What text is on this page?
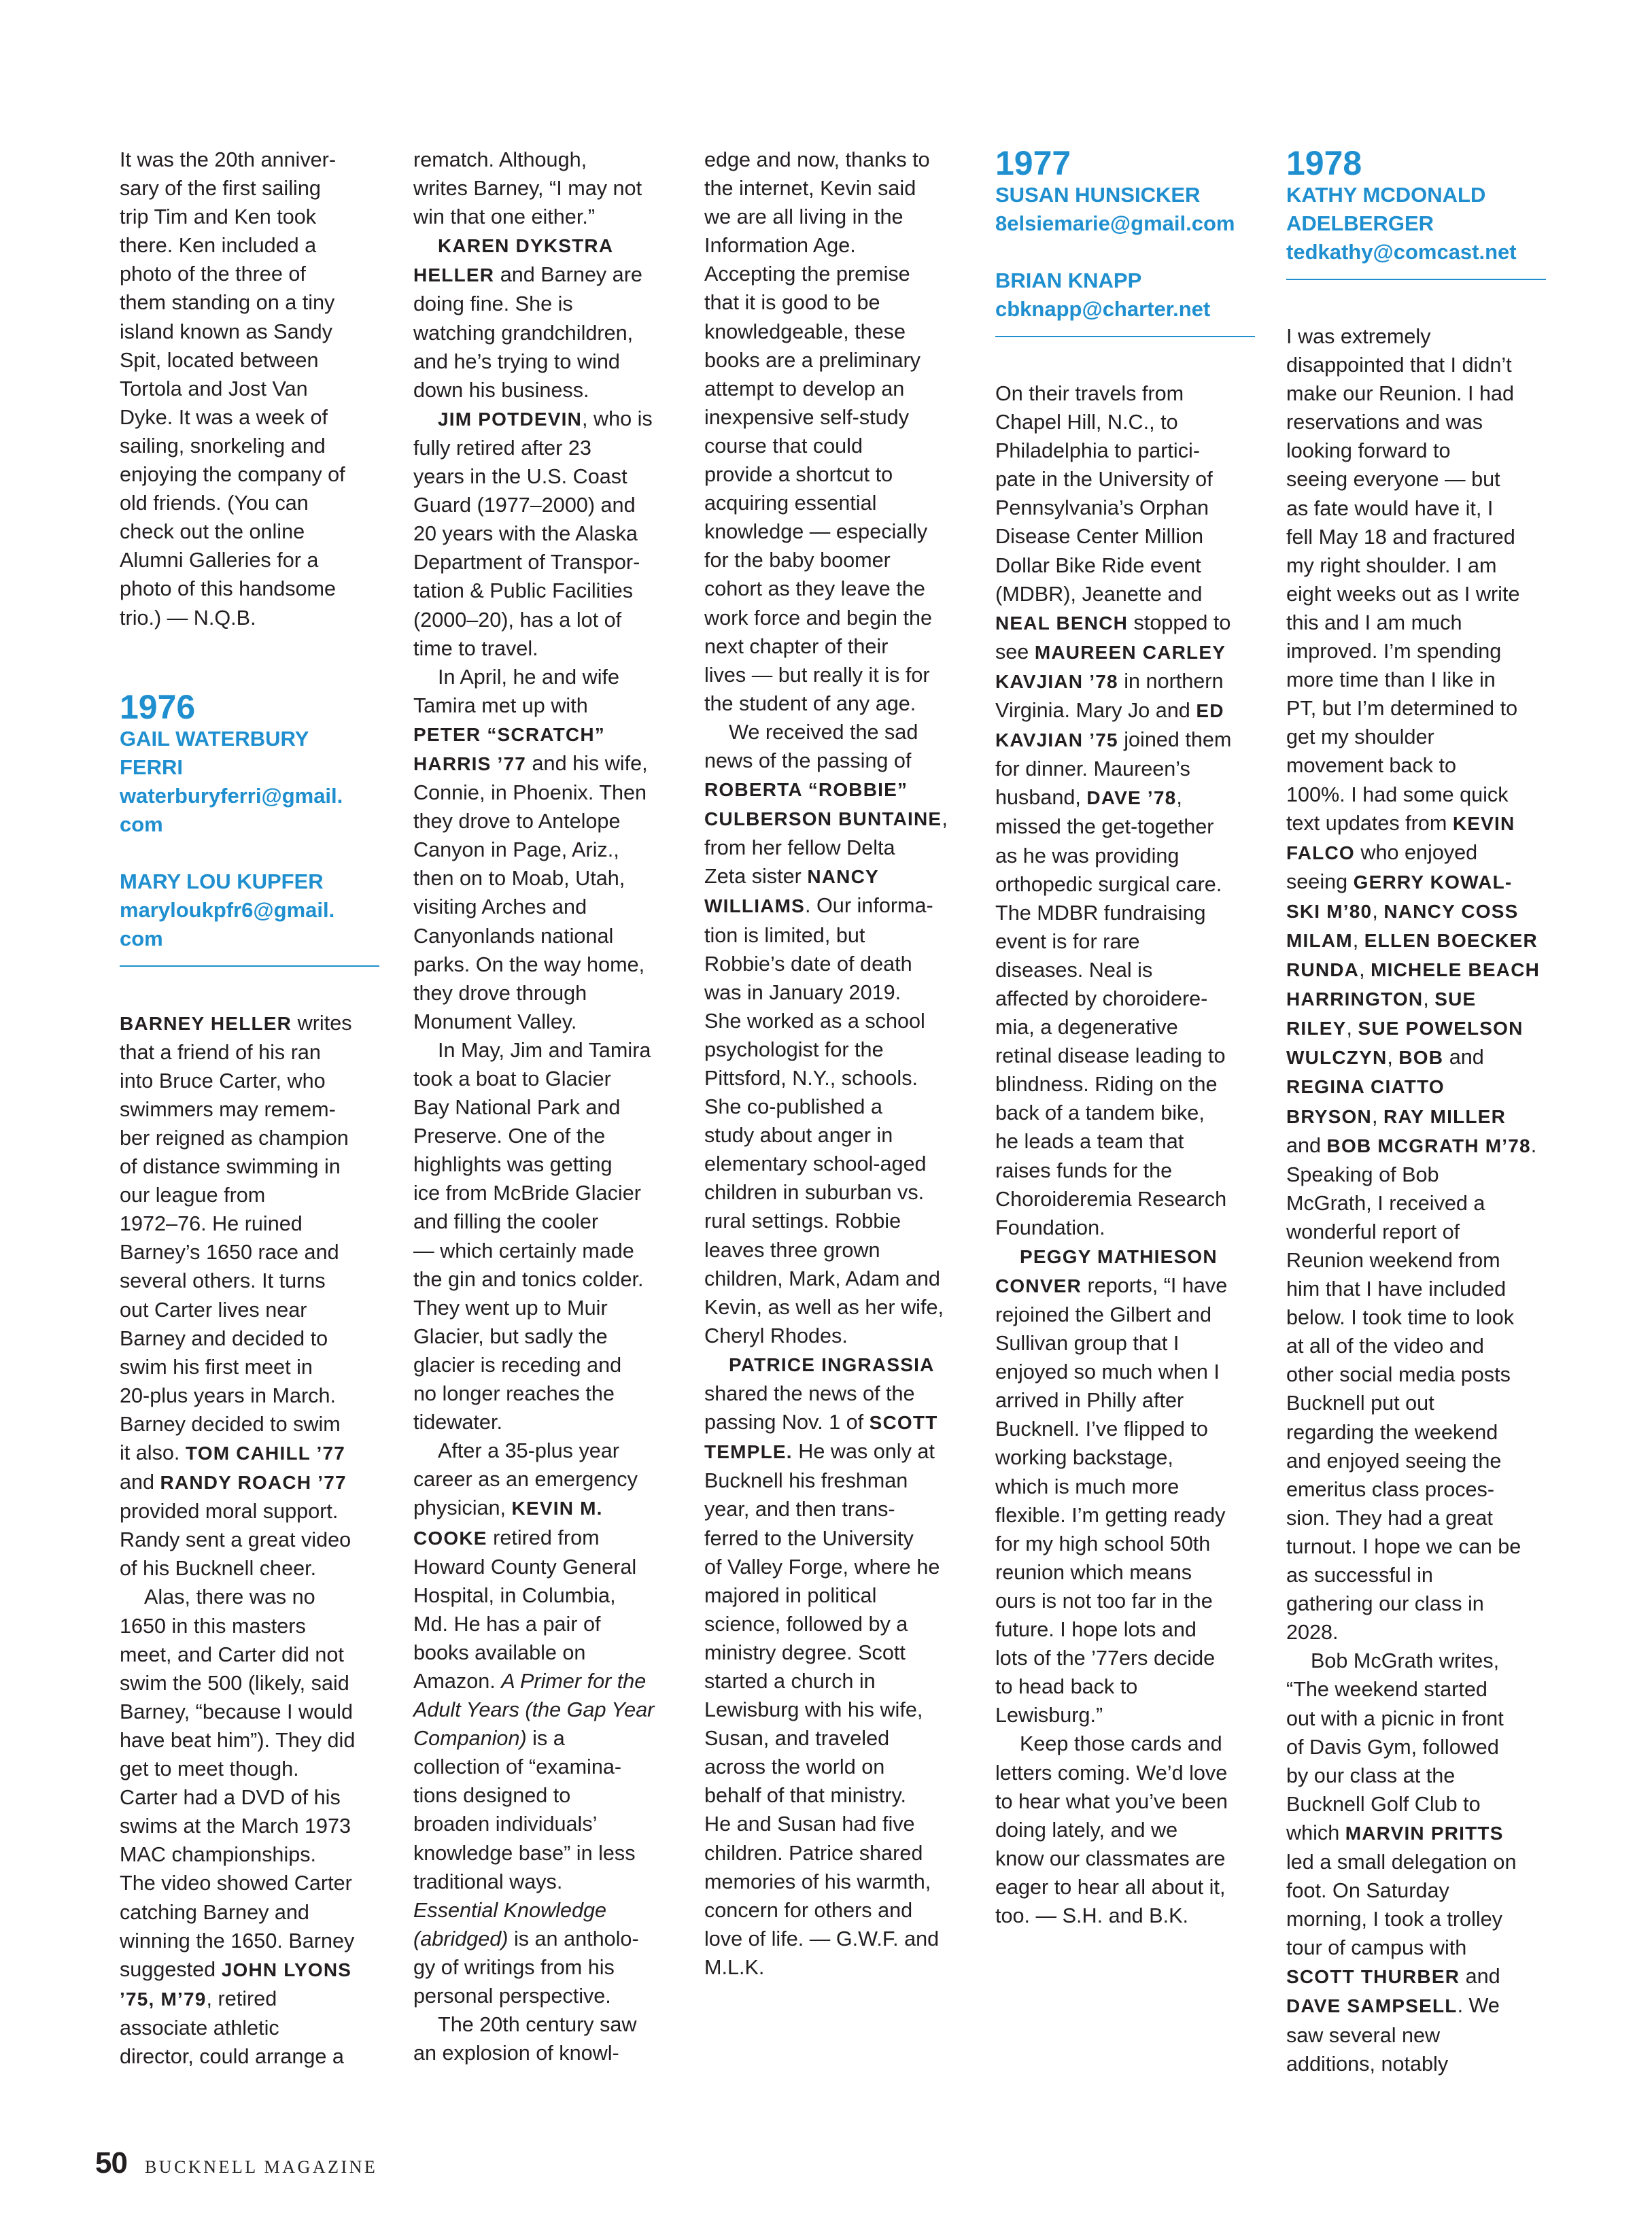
It was the 20th anniver-
sary of the first sailing
trip Tim and Ken took
there. Ken included a
photo of the three of
them standing on a tiny
island known as Sandy
Spit, located between
Tortola and Jost Van
Dyke. It was a week of
sailing, snorkeling and
enjoying the company of
old friends. (You can
check out the online
Alumni Galleries for a
photo of this handsome
trio.) — N.Q.B.

1976
GAIL WATERBURY
FERRI
waterburyferri@gmail.
com
MARY LOU KUPFER
maryloukpfr6@gmail.
com

BARNEY HELLER writes
that a friend of his ran
into Bruce Carter, who
swimmers may remem-
ber reigned as champion
of distance swimming in
our league from
1972–76. He ruined
Barney’s 1650 race and
several others. It turns
out Carter lives near
Barney and decided to
swim his first meet in
20-plus years in March.
Barney decided to swim
it also. TOM CAHILL ’77
and RANDY ROACH ’77
provided moral support.
Randy sent a great video
of his Bucknell cheer.

Alas, there was no
1650 in this masters
meet, and Carter did not
swim the 500 (likely, said
Barney, “because I would
have beat him”). They did
get to meet though.
Carter had a DVD of his
swims at the March 1973
MAC championships.
The video showed Carter
catching Barney and
winning the 1650. Barney
suggested JOHN LYONS
’75, M’79, retired
associate athletic
director, could arrange a

rematch. Although,
writes Barney, “I may not
win that one either.”

KAREN DYKSTRA
HELLER and Barney are
doing fine. She is
watching grandchildren,
and he’s trying to wind
down his business.

JIM POTDEVIN, who is
fully retired after 23
years in the U.S. Coast
Guard (1977–2000) and
20 years with the Alaska
Department of Transpor-
tation & Public Facilities
(2000–20), has a lot of
time to travel.

In April, he and wife
Tamira met up with
PETER “SCRATCH”
HARRIS ’77 and his wife,
Connie, in Phoenix. Then
they drove to Antelope
Canyon in Page, Ariz.,
then on to Moab, Utah,
visiting Arches and
Canyonlands national
parks. On the way home,
they drove through
Monument Valley.

In May, Jim and Tamira
took a boat to Glacier
Bay National Park and
Preserve. One of the
highlights was getting
ice from McBride Glacier
and filling the cooler
— which certainly made
the gin and tonics colder.
They went up to Muir
Glacier, but sadly the
glacier is receding and
no longer reaches the
tidewater.

After a 35-plus year
career as an emergency
physician, KEVIN M.
COOKE retired from
Howard County General
Hospital, in Columbia,
Md. He has a pair of
books available on
Amazon. A Primer for the
Adult Years (the Gap Year
Companion) is a
collection of “examina-
tions designed to
broaden individuals’
knowledge base” in less
traditional ways.
Essential Knowledge
(abridged) is an antholo-
gy of writings from his
personal perspective.

The 20th century saw
an explosion of knowl-

edge and now, thanks to
the internet, Kevin said
we are all living in the
Information Age.
Accepting the premise
that it is good to be
knowledgeable, these
books are a preliminary
attempt to develop an
inexpensive self-study
course that could
provide a shortcut to
acquiring essential
knowledge — especially
for the baby boomer
cohort as they leave the
work force and begin the
next chapter of their
lives — but really it is for
the student of any age.

We received the sad
news of the passing of
ROBERTA “ROBBIE”
CULBERSON BUNTAINE,
from her fellow Delta
Zeta sister NANCY
WILLIAMS. Our informa-
tion is limited, but
Robbie’s date of death
was in January 2019.
She worked as a school
psychologist for the
Pittsford, N.Y., schools.
She co-published a
study about anger in
elementary school-aged
children in suburban vs.
rural settings. Robbie
leaves three grown
children, Mark, Adam and
Kevin, as well as her wife,
Cheryl Rhodes.

PATRICE INGRASSIA
shared the news of the
passing Nov. 1 of SCOTT
TEMPLE. He was only at
Bucknell his freshman
year, and then trans-
ferred to the University
of Valley Forge, where he
majored in political
science, followed by a
ministry degree. Scott
started a church in
Lewisburg with his wife,
Susan, and traveled
across the world on
behalf of that ministry.
He and Susan had five
children. Patrice shared
memories of his warmth,
concern for others and
love of life. — G.W.F. and
M.L.K.

1977
SUSAN HUNSICKER
8elsiemarie@gmail.com
BRIAN KNAPP
cbknapp@charter.net

On their travels from
Chapel Hill, N.C., to
Philadelphia to partici-
pate in the University of
Pennsylvania’s Orphan
Disease Center Million
Dollar Bike Ride event
(MDBR), Jeanette and
NEAL BENCH stopped to
see MAUREEN CARLEY
KAVJIAN ’78 in northern
Virginia. Mary Jo and ED
KAVJIAN ’75 joined them
for dinner. Maureen’s
husband, DAVE ’78,
missed the get-together
as he was providing
orthopedic surgical care.
The MDBR fundraising
event is for rare
diseases. Neal is
affected by choroidere-
mia, a degenerative
retinal disease leading to
blindness. Riding on the
back of a tandem bike,
he leads a team that
raises funds for the
Choroideremia Research
Foundation.

PEGGY MATHIESON
CONVER reports, “I have
rejoined the Gilbert and
Sullivan group that I
enjoyed so much when I
arrived in Philly after
Bucknell. I’ve flipped to
working backstage,
which is much more
flexible. I’m getting ready
for my high school 50th
reunion which means
ours is not too far in the
future. I hope lots and
lots of the ’77ers decide
to head back to
Lewisburg.”

Keep those cards and
letters coming. We’d love
to hear what you’ve been
doing lately, and we
know our classmates are
eager to hear all about it,
too. — S.H. and B.K.

1978
KATHY MCDONALD
ADELBERGER
tedkathy@comcast.net

I was extremely
disappointed that I didn’t
make our Reunion. I had
reservations and was
looking forward to
seeing everyone — but
as fate would have it, I
fell May 18 and fractured
my right shoulder. I am
eight weeks out as I write
this and I am much
improved. I’m spending
more time than I like in
PT, but I’m determined to
get my shoulder
movement back to
100%. I had some quick
text updates from KEVIN
FALCO who enjoyed
seeing GERRY KOWAL-
SKI M’80, NANCY COSS
MILAM, ELLEN BOECKER
RUNDA, MICHELE BEACH
HARRINGTON, SUE
RILEY, SUE POWELSON
WULCZYN, BOB and
REGINA CIATTO
BRYSON, RAY MILLER
and BOB MCGRATH M’78.
Speaking of Bob
McGrath, I received a
wonderful report of
Reunion weekend from
him that I have included
below. I took time to look
at all of the video and
other social media posts
Bucknell put out
regarding the weekend
and enjoyed seeing the
emeritus class proces-
sion. They had a great
turnout. I hope we can be
as successful in
gathering our class in
2028.

Bob McGrath writes,
“The weekend started
out with a picnic in front
of Davis Gym, followed
by our class at the
Bucknell Golf Club to
which MARVIN PRITTS
led a small delegation on
foot. On Saturday
morning, I took a trolley
tour of campus with
SCOTT THURBER and
DAVE SAMPSELL. We
saw several new
additions, notably

50 BUCKNELL MAGAZINE
